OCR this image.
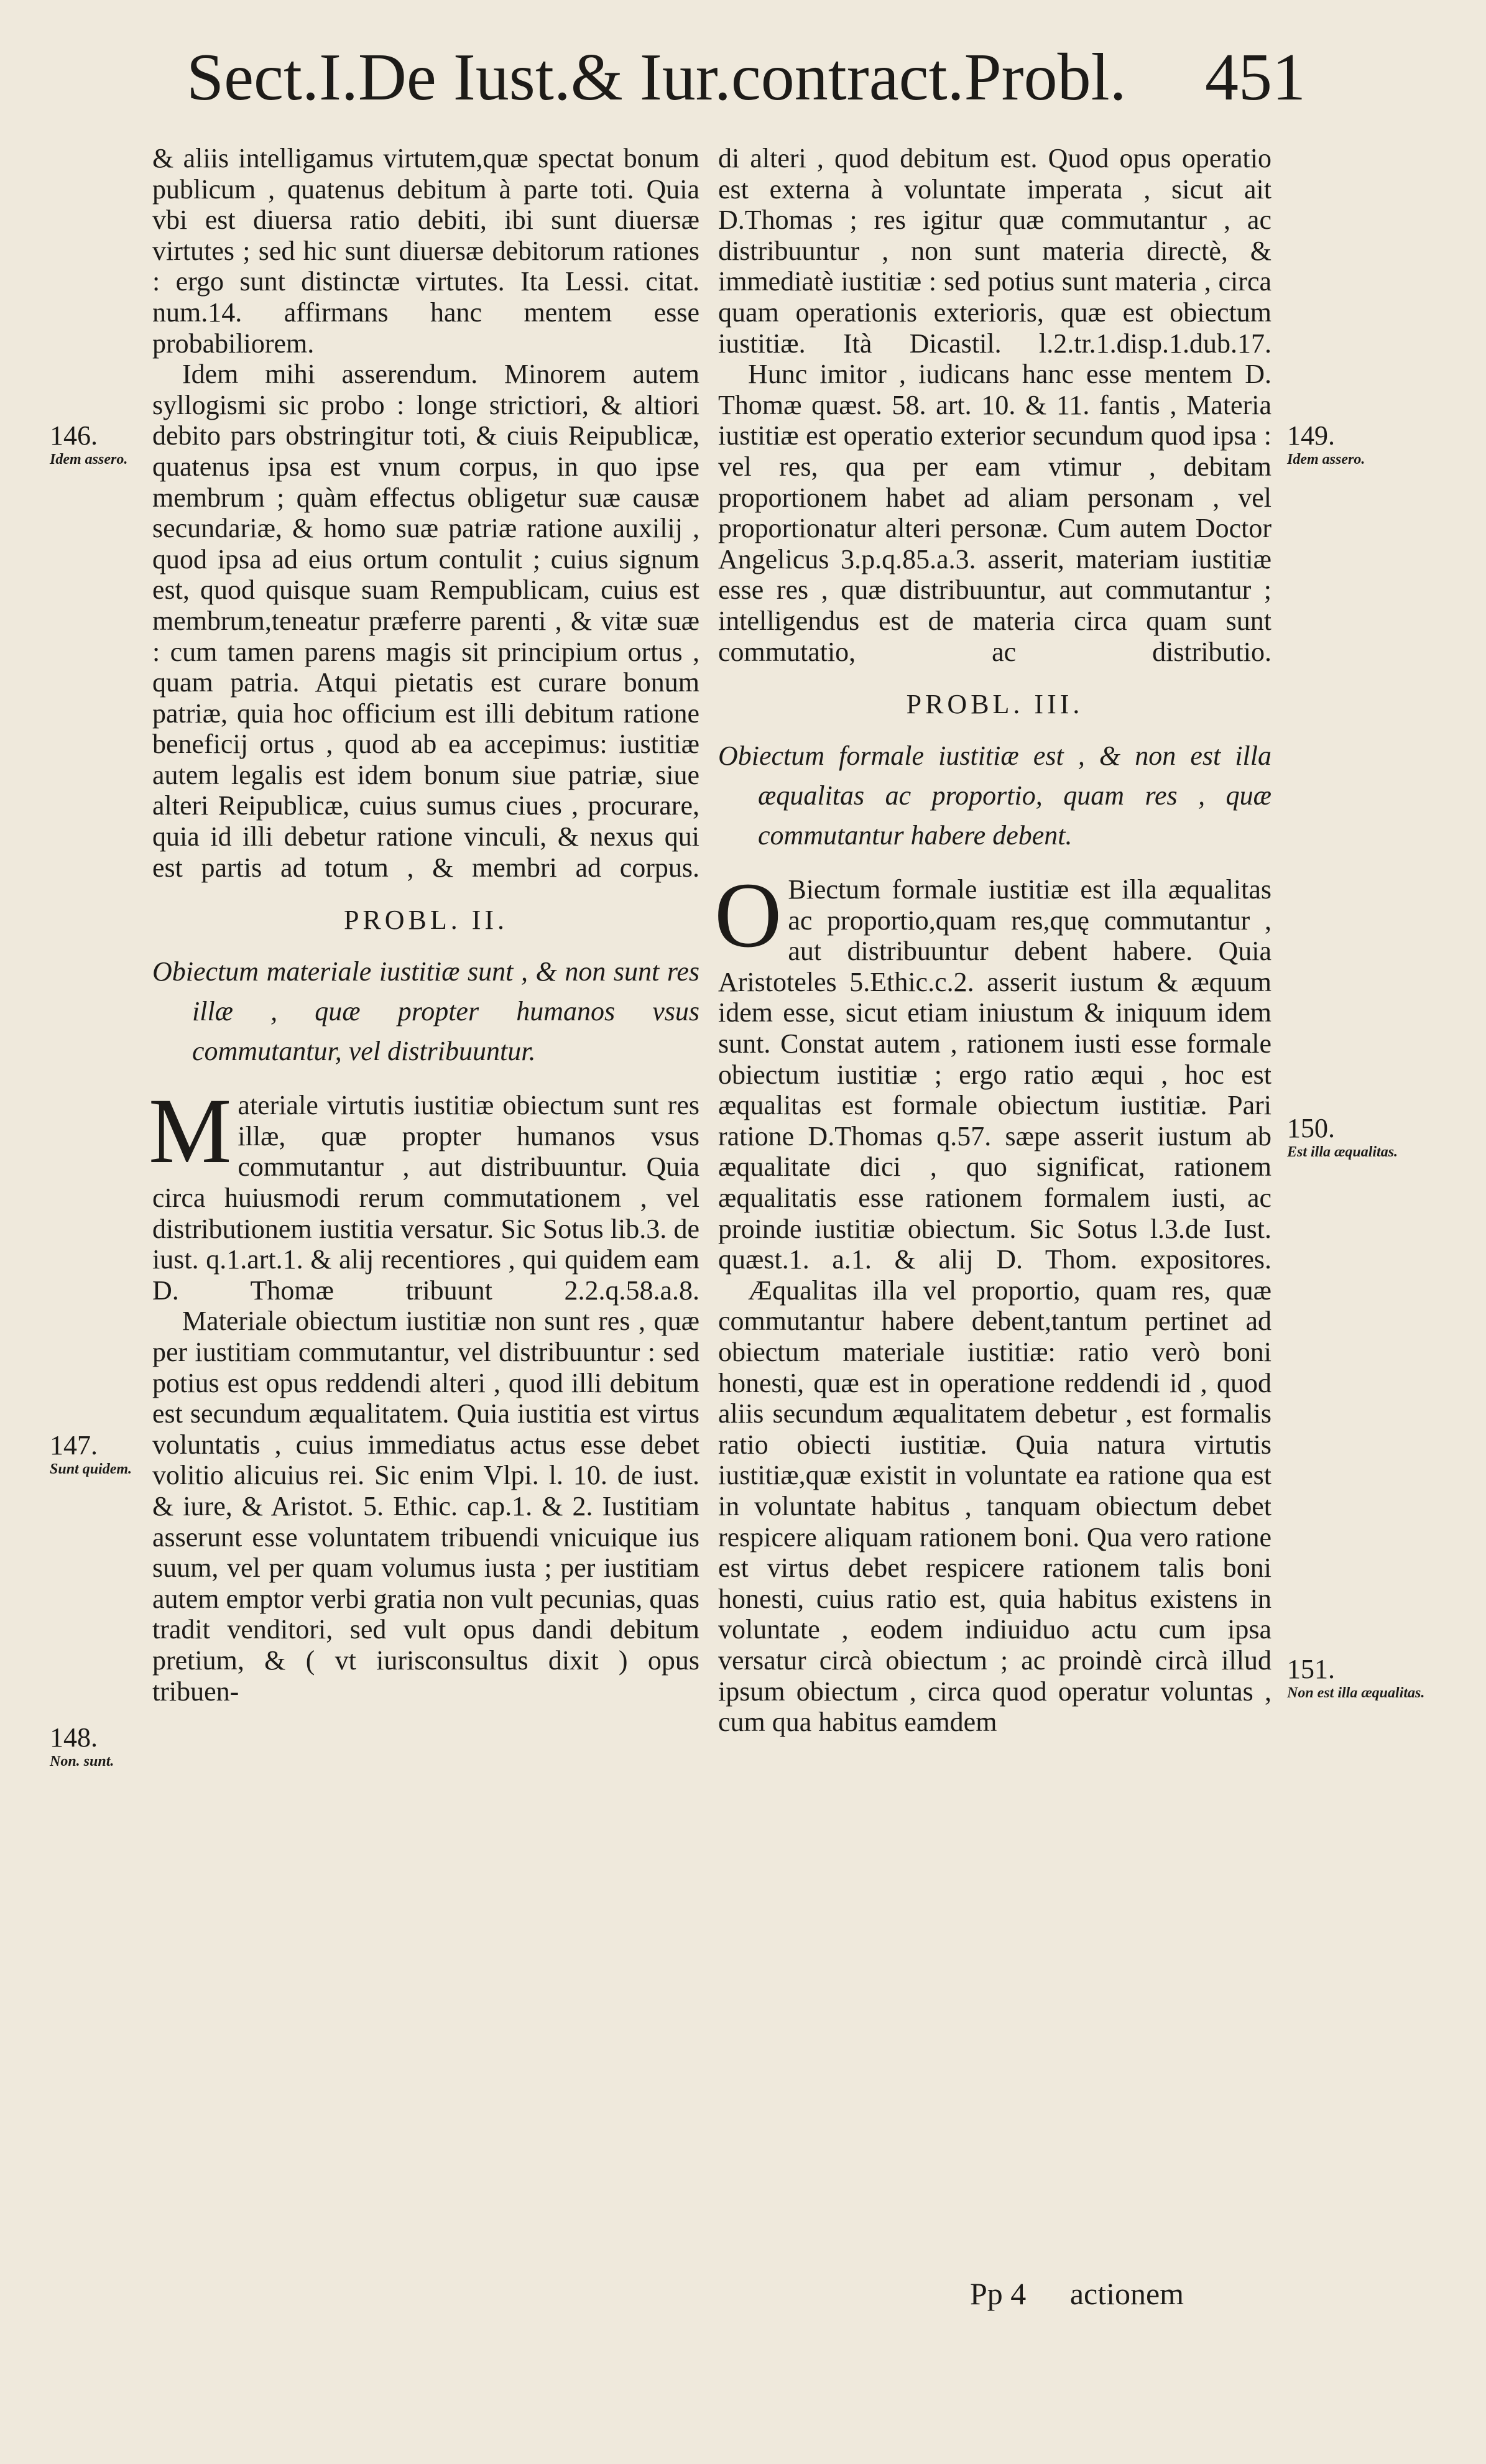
Sect.I.De Iust.& Iur.contract.Probl. 451

& aliis intelligamus virtutem,quæ spectat bonum publicum , quatenus debitum à parte toti. Quia vbi est diuersa ratio debiti, ibi sunt diuersæ virtutes ; sed hic sunt diuersæ debitorum rationes : ergo sunt distinctæ virtutes. Ita Lessi. citat. num.14. affirmans hanc mentem esse probabiliorem.

Idem mihi asserendum. Minorem autem syllogismi sic probo : longe strictiori, & altiori debito pars obstringitur toti, & ciuis Reipublicæ, quatenus ipsa est vnum corpus, in quo ipse membrum ; quàm effectus obligetur suæ causæ secundariæ, & homo suæ patriæ ratione auxilij , quod ipsa ad eius ortum contulit ; cuius signum est, quod quisque suam Rempublicam, cuius est membrum,teneatur præferre parenti , & vitæ suæ : cum tamen parens magis sit principium ortus , quam patria. Atqui pietatis est curare bonum patriæ, quia hoc officium est illi debitum ratione beneficij ortus , quod ab ea accepimus: iustitiæ autem legalis est idem bonum siue patriæ, siue alteri Reipublicæ, cuius sumus ciues , procurare, quia id illi debetur ratione vinculi, & nexus qui est partis ad totum , & membri ad corpus.

PROBL. II.
Obiectum materiale iustitiæ sunt , & non sunt res illæ , quæ propter humanos vsus commutantur, vel distribuuntur.

Materiale virtutis iustitiæ obiectum sunt res illæ, quæ propter humanos vsus commutantur , aut distribuuntur. Quia circa huiusmodi rerum commutationem , vel distributionem iustitia versatur. Sic Sotus lib.3. de iust. q.1.art.1. & alij recentiores , qui quidem eam D. Thomæ tribuunt 2.2.q.58.a.8.

Materiale obiectum iustitiæ non sunt res , quæ per iustitiam commutantur, vel distribuuntur : sed potius est opus reddendi alteri , quod illi debitum est secundum æqualitatem. Quia iustitia est virtus voluntatis , cuius immediatus actus esse debet volitio alicuius rei. Sic enim Vlpi. l. 10. de iust. & iure, & Aristot. 5. Ethic. cap.1. & 2. Iustitiam asserunt esse voluntatem tribuendi vnicuique ius suum, vel per quam volumus iusta ; per iustitiam autem emptor verbi gratia non vult pecunias, quas tradit venditori, sed vult opus dandi debitum pretium, & ( vt iurisconsultus dixit ) opus tribuen-

di alteri , quod debitum est. Quod opus operatio est externa à voluntate imperata , sicut ait D.Thomas ; res igitur quæ commutantur , ac distribuuntur , non sunt materia directè, & immediatè iustitiæ : sed potius sunt materia , circa quam operationis exterioris, quæ est obiectum iustitiæ. Ità Dicastil. l.2.tr.1.disp.1.dub.17.

Hunc imitor , iudicans hanc esse mentem D. Thomæ quæst. 58. art. 10. & 11. fantis , Materia iustitiæ est operatio exterior secundum quod ipsa : vel res, qua per eam vtimur , debitam proportionem habet ad aliam personam , vel proportionatur alteri personæ. Cum autem Doctor Angelicus 3.p.q.85.a.3. asserit, materiam iustitiæ esse res , quæ distribuuntur, aut commutantur ; intelligendus est de materia circa quam sunt commutatio, ac distributio.

PROBL. III.
Obiectum formale iustitiæ est , & non est illa æqualitas ac proportio, quam res , quæ commutantur habere debent.

O Biectum formale iustitiæ est illa æqualitas ac proportio,quam res,quę commutantur , aut distribuuntur debent habere. Quia Aristoteles 5.Ethic.c.2. asserit iustum & æquum idem esse, sicut etiam iniustum & iniquum idem sunt. Constat autem , rationem iusti esse formale obiectum iustitiæ ; ergo ratio æqui , hoc est æqualitas est formale obiectum iustitiæ. Pari ratione D.Thomas q.57. sæpe asserit iustum ab æqualitate dici , quo significat, rationem æqualitatis esse rationem formalem iusti, ac proinde iustitiæ obiectum. Sic Sotus l.3.de Iust. quæst.1. a.1. & alij D. Thom. expositores.

Æqualitas illa vel proportio, quam res, quæ commutantur habere debent,tantum pertinet ad obiectum materiale iustitiæ: ratio verò boni honesti, quæ est in operatione reddendi id , quod aliis secundum æqualitatem debetur , est formalis ratio obiecti iustitiæ. Quia natura virtutis iustitiæ,quæ existit in voluntate ea ratione qua est in voluntate habitus , tanquam obiectum debet respicere aliquam rationem boni. Qua vero ratione est virtus debet respicere rationem talis boni honesti, cuius ratio est, quia habitus existens in voluntate , eodem indiuiduo actu cum ipsa versatur circà obiectum ; ac proindè circà illud ipsum obiectum , circa quod operatur voluntas , cum qua habitus eamdem

146.
Idem assero.
147.
Sunt quidem.
148.
Non. sunt.
149.
Idem assero.
150.
Est illa æqualitas.
151.
Non est illa æqualitas.
Pp 4 actionem
